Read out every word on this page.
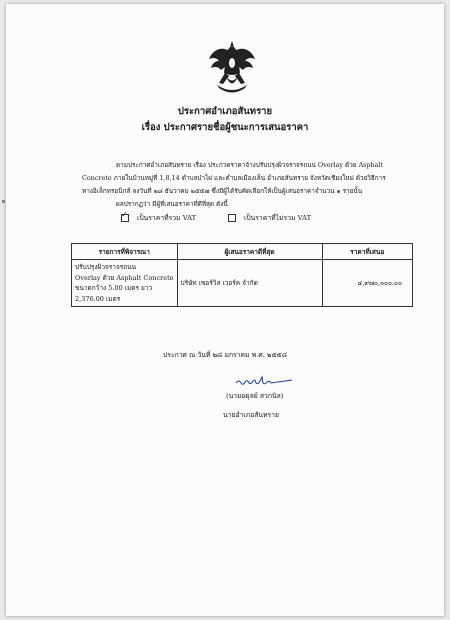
ประกาศอำเภอสันทราย
เรื่อง ประกาศรายชื่อผู้ชนะการเสนอราคา
ตามประกาศอำเภอสันทราย เรื่อง ประกวดราคาจ้างปรับปรุงผิวจราจรถนน Overlay ด้วย Asphalt
Concrete ภายในบ้านหมู่ที่ 1,8,14 ตำบลป่าไผ่ และตำบลเมืองเล็น อำเภอสันทราย จังหวัดเชียงใหม่ ด้วยวิธีการ
ทางอิเล็กทรอนิกส์ ลงวันที่ ๒๘ ธันวาคม ๒๕๕๗ ซึ่งมีผู้ได้รับคัดเลือกให้เป็นผู้เสนอราคาจำนวน ๑ รายนั้น
ผลปรากฏว่า มีผู้ที่เสนอราคาที่ดีที่สุด ดังนี้
✓
เป็นราคาที่รวม VAT	เป็นราคาที่ไม่รวม VAT
รายการที่พิจารณา	ผู้เสนอราคาดีที่สุด	ราคาที่เสนอ

ปรับปรุงผิวจราจรถนน
Overlay ด้วย Asphalt Concrete
ขนาดกว้าง 5.00 เมตร ยาว
2,376.00 เมตร	บริษัท เซอร์วิส เวอร์ค จำกัด	๔,๙๗๐,๐๐๐.๐๐
ประกาศ ณ วันที่ ๒๘ มกราคม พ.ศ. ๒๕๕๘
(นายอดุลย์ สวกนิล)
นายอำเภอสันทราย
